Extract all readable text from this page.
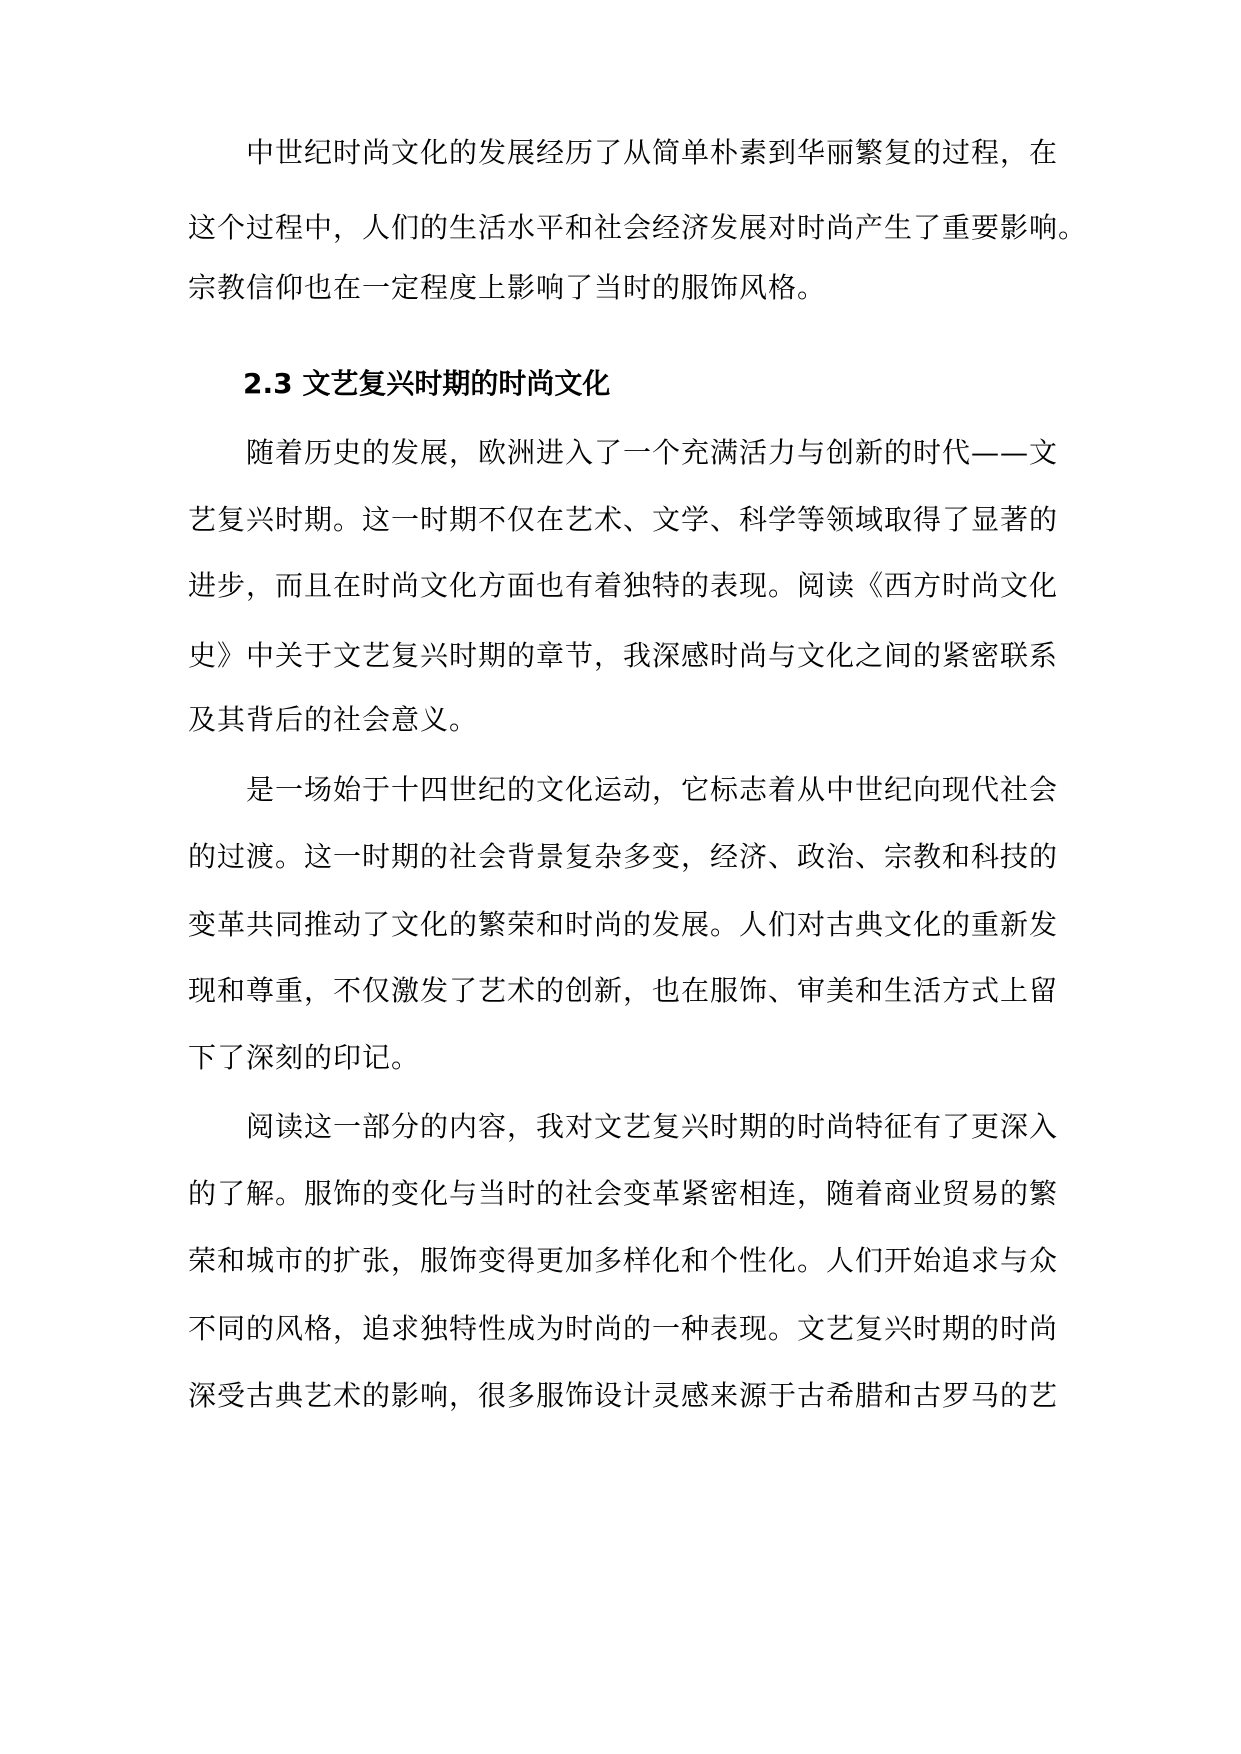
中世纪时尚文化的发展经历了从简单朴素到华丽繁复的过程，在
这个过程中，人们的生活水平和社会经济发展对时尚产生了重要影响。
宗教信仰也在一定程度上影响了当时的服饰风格。
2.3 文艺复兴时期的时尚文化
随着历史的发展，欧洲进入了一个充满活力与创新的时代——文
艺复兴时期。这一时期不仅在艺术、文学、科学等领域取得了显著的
进步，而且在时尚文化方面也有着独特的表现。阅读《西方时尚文化
史》中关于文艺复兴时期的章节，我深感时尚与文化之间的紧密联系
及其背后的社会意义。
是一场始于十四世纪的文化运动，它标志着从中世纪向现代社会
的过渡。这一时期的社会背景复杂多变，经济、政治、宗教和科技的
变革共同推动了文化的繁荣和时尚的发展。人们对古典文化的重新发
现和尊重，不仅激发了艺术的创新，也在服饰、审美和生活方式上留
下了深刻的印记。
阅读这一部分的内容，我对文艺复兴时期的时尚特征有了更深入
的了解。服饰的变化与当时的社会变革紧密相连，随着商业贸易的繁
荣和城市的扩张，服饰变得更加多样化和个性化。人们开始追求与众
不同的风格，追求独特性成为时尚的一种表现。文艺复兴时期的时尚
深受古典艺术的影响，很多服饰设计灵感来源于古希腊和古罗马的艺
